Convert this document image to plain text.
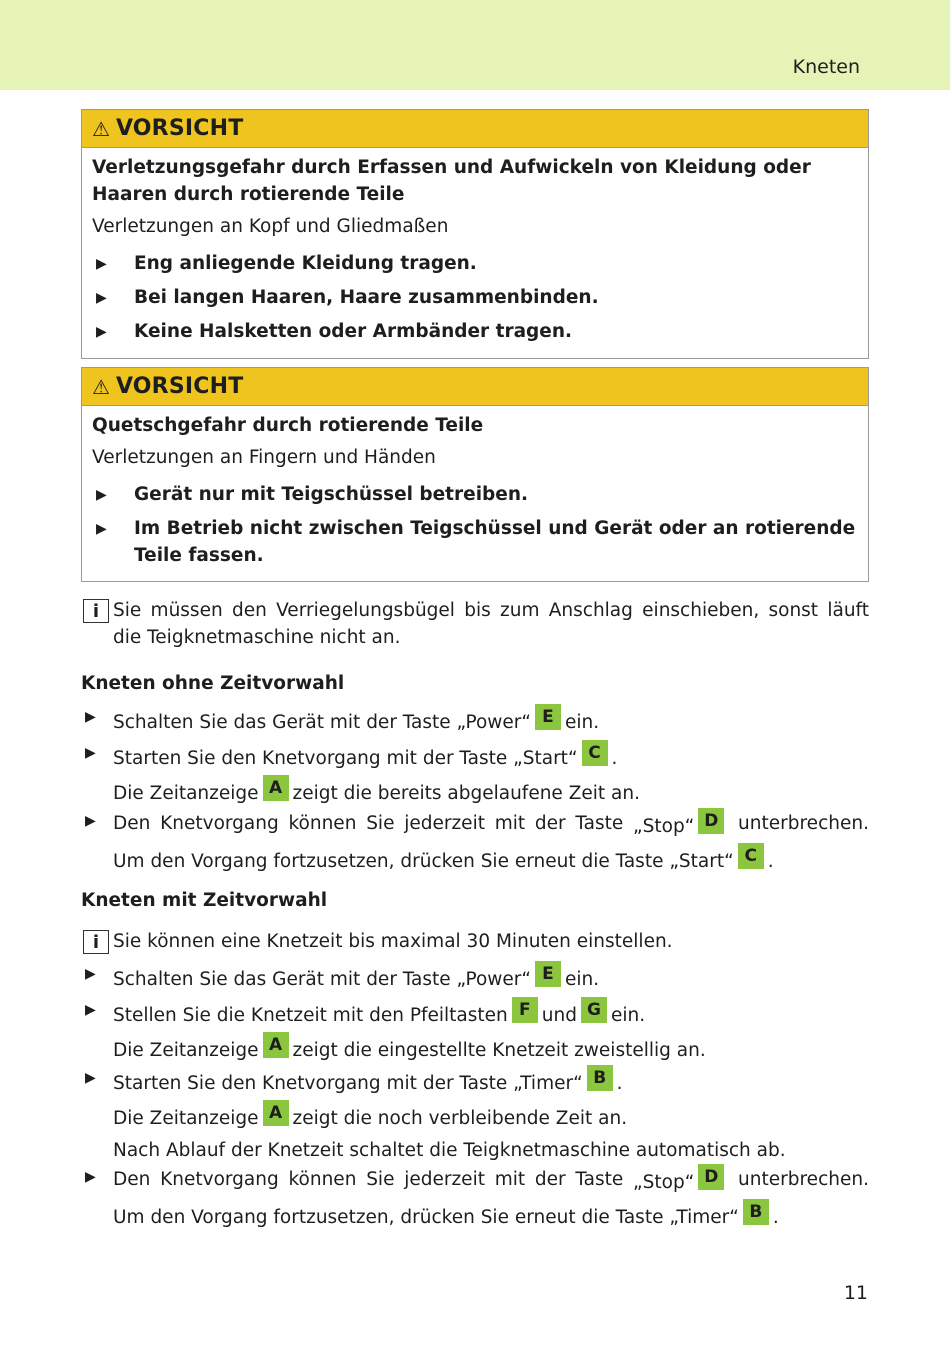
Kneten
⚠ VORSICHT
Verletzungsgefahr durch Erfassen und Aufwickeln von Kleidung oder Haaren durch rotierende Teile
Verletzungen an Kopf und Gliedmaßen
▶	Eng anliegende Kleidung tragen.
▶	Bei langen Haaren, Haare zusammenbinden.
▶	Keine Halsketten oder Armbänder tragen.
⚠ VORSICHT
Quetschgefahr durch rotierende Teile
Verletzungen an Fingern und Händen
▶	Gerät nur mit Teigschüssel betreiben.
▶	Im Betrieb nicht zwischen Teigschüssel und Gerät oder an rotierende Teile fassen.
i Sie müssen den Verriegelungsbügel bis zum Anschlag einschieben, sonst läuft die Teigknetmaschine nicht an.
Kneten ohne Zeitvorwahl
▶ Schalten Sie das Gerät mit der Taste „Power“ E ein.
▶ Starten Sie den Knetvorgang mit der Taste „Start“ C .
Die Zeitanzeige A zeigt die bereits abgelaufene Zeit an.
▶ Den Knetvorgang können Sie jederzeit mit der Taste „Stop“ D	unterbrechen.
Um den Vorgang fortzusetzen, drücken Sie erneut die Taste „Start“ C .
Kneten mit Zeitvorwahl
i Sie können eine Knetzeit bis maximal 30 Minuten einstellen.
▶ Schalten Sie das Gerät mit der Taste „Power“ E ein.
▶ Stellen Sie die Knetzeit mit den Pfeiltasten F und G ein.
Die Zeitanzeige A zeigt die eingestellte Knetzeit zweistellig an.
▶ Starten Sie den Knetvorgang mit der Taste „Timer“ B .
Die Zeitanzeige A zeigt die noch verbleibende Zeit an.
Nach Ablauf der Knetzeit schaltet die Teigknetmaschine automatisch ab.
▶ Den Knetvorgang können Sie jederzeit mit der Taste „Stop“ D	unterbrechen.
Um den Vorgang fortzusetzen, drücken Sie erneut die Taste „Timer“ B .
11
